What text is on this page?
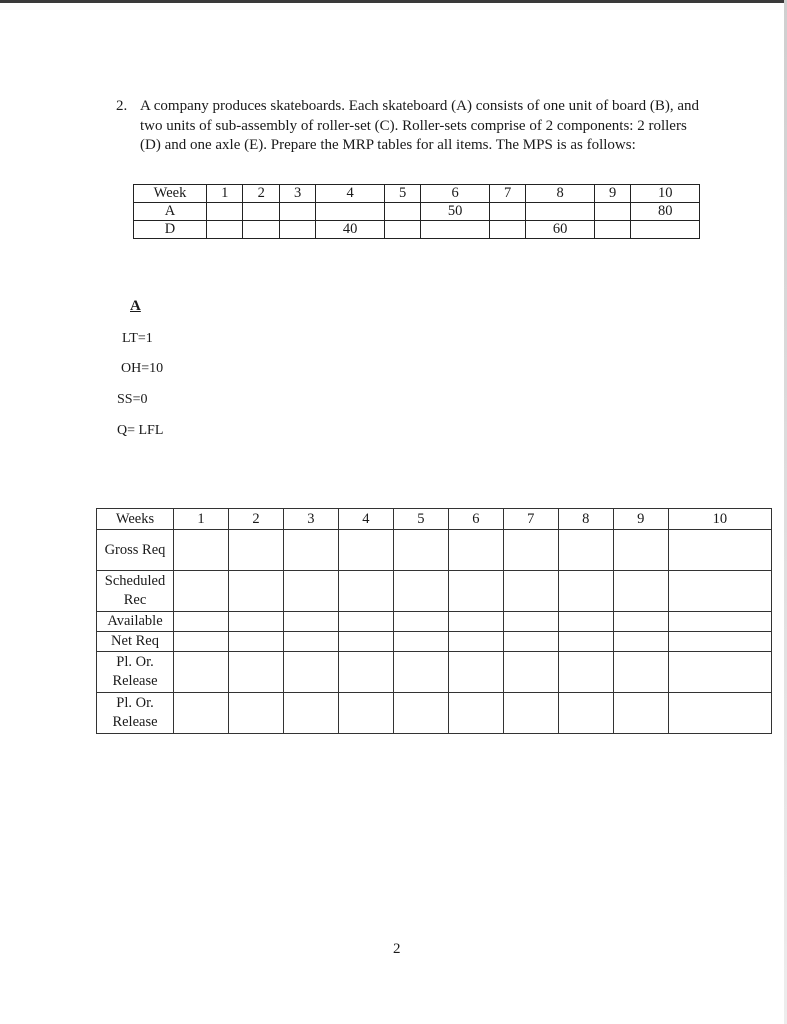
2. A company produces skateboards. Each skateboard (A) consists of one unit of board (B), and two units of sub-assembly of roller-set (C). Roller-sets comprise of 2 components: 2 rollers (D) and one axle (E). Prepare the MRP tables for all items. The MPS is as follows:
Week	1	2	3	4	5	6	7	8	9	10
A						50				80
D				40				60		
A
LT=1
OH=10
SS=0
Q= LFL
Weeks	1	2	3	4	5	6	7	8	9	10
Gross Req										
Scheduled Rec										
Available										
Net Req										
Pl. Or. Release										
Pl. Or. Release										
2
